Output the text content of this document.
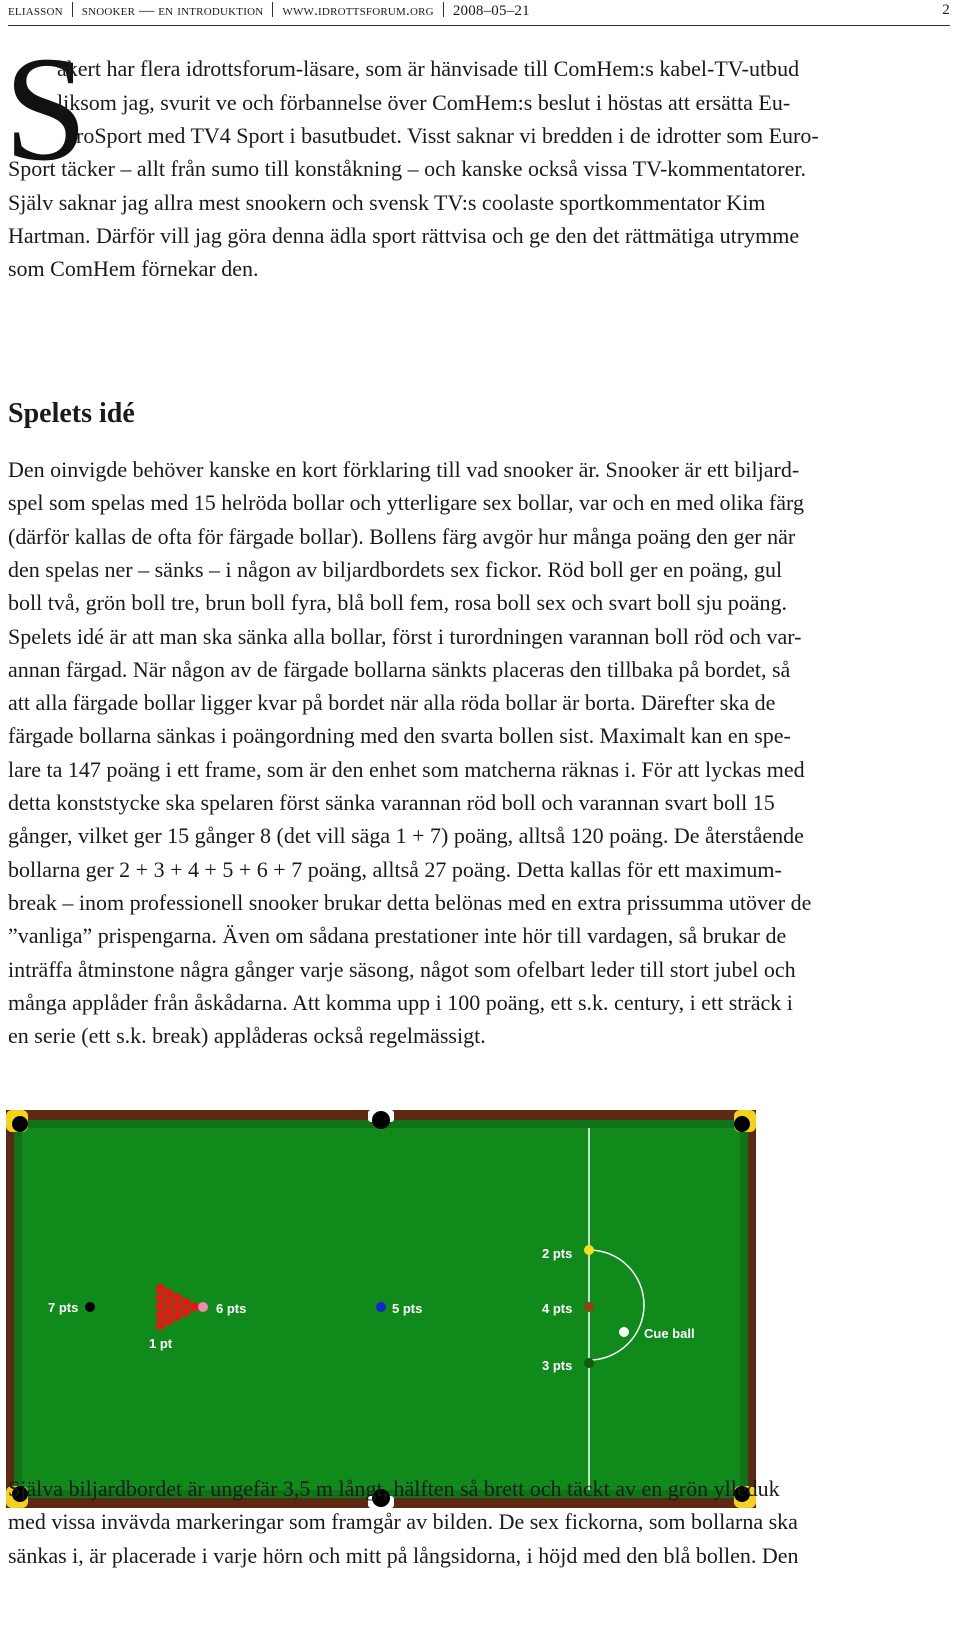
eliasson snooker — en introduktion www.idrottsforum.org 2008–05–21	2
S
äkert har flera idrottsforum-läsare, som är hänvisade till ComHem:s kabel-TV-utbud
liksom jag, svurit ve och förbannelse över ComHem:s beslut i höstas att ersätta Eu-
roSport med TV4 Sport i basutbudet. Visst saknar vi bredden i de idrotter som Euro-
Sport täcker – allt från sumo till konståkning – och kanske också vissa TV-kommentatorer.
Själv saknar jag allra mest snookern och svensk TV:s coolaste sportkommentator Kim
Hartman. Därför vill jag göra denna ädla sport rättvisa och ge den det rättmätiga utrymme
som ComHem förnekar den.
Spelets idé
Den oinvigde behöver kanske en kort förklaring till vad snooker är. Snooker är ett biljard-
spel som spelas med 15 helröda bollar och ytterligare sex bollar, var och en med olika färg
(därför kallas de ofta för färgade bollar). Bollens färg avgör hur många poäng den ger när
den spelas ner – sänks – i någon av biljardbordets sex fickor. Röd boll ger en poäng, gul
boll två, grön boll tre, brun boll fyra, blå boll fem, rosa boll sex och svart boll sju poäng.
Spelets idé är att man ska sänka alla bollar, först i turordningen varannan boll röd och var-
annan färgad. När någon av de färgade bollarna sänkts placeras den tillbaka på bordet, så
att alla färgade bollar ligger kvar på bordet när alla röda bollar är borta. Därefter ska de
färgade bollarna sänkas i poängordning med den svarta bollen sist. Maximalt kan en spe-
lare ta 147 poäng i ett frame, som är den enhet som matcherna räknas i. För att lyckas med
detta konststycke ska spelaren först sänka varannan röd boll och varannan svart boll 15
gånger, vilket ger 15 gånger 8 (det vill säga 1 + 7) poäng, alltså 120 poäng. De återstående
bollarna ger 2 + 3 + 4 + 5 + 6 + 7 poäng, alltså 27 poäng. Detta kallas för ett maximum-
break – inom professionell snooker brukar detta belönas med en extra prissumma utöver de
”vanliga” prispengarna. Även om sådana prestationer inte hör till vardagen, så brukar de
inträffa åtminstone några gånger varje säsong, något som ofelbart leder till stort jubel och
många applåder från åskådarna. Att komma upp i 100 poäng, ett s.k. century, i ett sträck i
en serie (ett s.k. break) applåderas också regelmässigt.
7 pts	6 pts
1 pt
5 pts
2 pts
4 pts
3 pts
Cue ball
Själva biljardbordet är ungefär 3,5 m långt, hälften så brett och täckt av en grön ylleduk
med vissa invävda markeringar som framgår av bilden. De sex fickorna, som bollarna ska
sänkas i, är placerade i varje hörn och mitt på långsidorna, i höjd med den blå bollen. Den
